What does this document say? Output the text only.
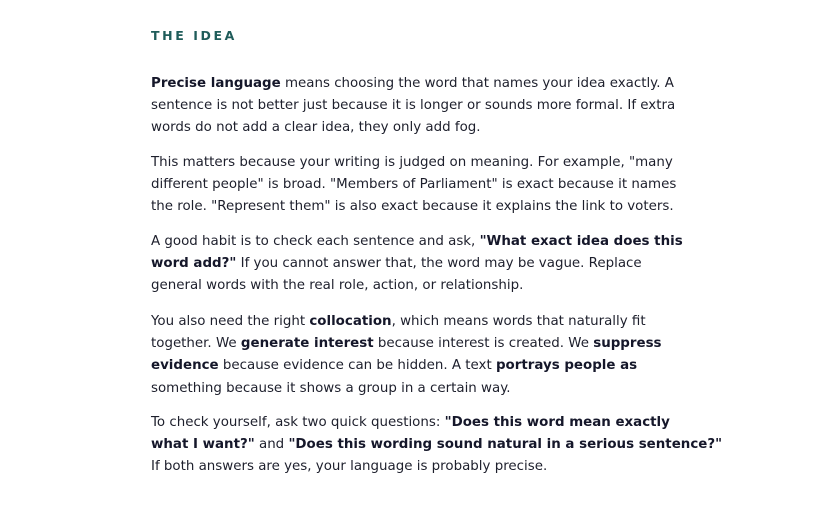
THE IDEA

Precise language means choosing the word that names your idea exactly. A
sentence is not better just because it is longer or sounds more formal. If extra
words do not add a clear idea, they only add fog.

This matters because your writing is judged on meaning. For example, "many
different people" is broad. "Members of Parliament" is exact because it names
the role. "Represent them" is also exact because it explains the link to voters.

A good habit is to check each sentence and ask, "What exact idea does this
word add?" If you cannot answer that, the word may be vague. Replace
general words with the real role, action, or relationship.

You also need the right collocation, which means words that naturally fit
together. We generate interest because interest is created. We suppress
evidence because evidence can be hidden. A text portrays people as
something because it shows a group in a certain way.

To check yourself, ask two quick questions: "Does this word mean exactly
what I want?" and "Does this wording sound natural in a serious sentence?"
If both answers are yes, your language is probably precise.
